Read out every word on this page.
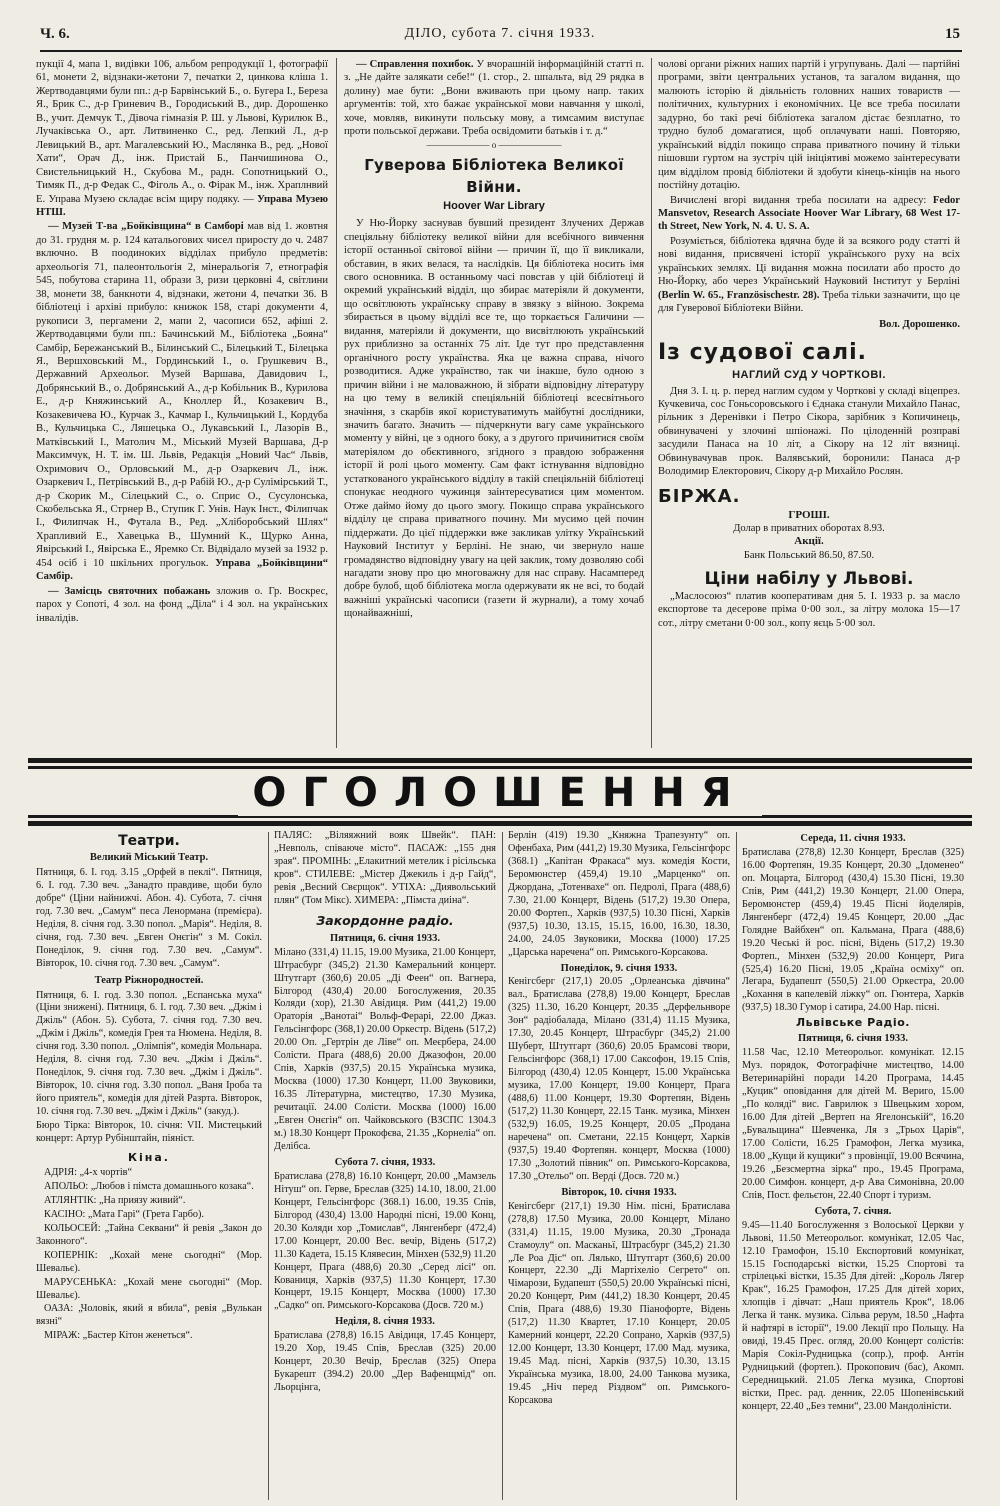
Ч. 6.	ДІЛО, субота 7. січня 1933.	15

пукції 4, мапа 1, видівки 106, альбом репродукції 1, фотографії 61, монети 2, відзнаки-жетони 7, печатки 2, цинкова кліша 1. Жертводавцями були пп.: д-р Барвінський Б., о. Бугера І., Береза Я., Брик С., д-р Гриневич В., Городиський В., дир. Дорошенко В., учит. Демчук Т., Дівоча гімназія Р. Ш. у Львові, Курилюк В., Лучаківська О., арт. Литвиненко С., ред. Лепкий Л., д-р Левицький В., арт. Магалевський Ю., Маслянка В., ред. „Нової Хати“, Орач Д., інж. Пристай Б., Панчишинова О., Свистельницький Н., Скубова М., радн. Сопотницький О., Тимяк П., д-р Федак С., Фіголь А., о. Фірак М., інж. Храплнвий Е. Управа Музею складає всім щиру подяку. — Управа Музею НТШ.

— Музей Т-ва „Бойківщина“ в Самборі мав від 1. жовтня до 31. грудня м. р. 124 катальогових чисел приросту до ч. 2487 включно. В поодиноких відділах прибуло предметів: археольогія 71, палеонтольогія 2, мінеральогія 7, етнографія 545, побутова старина 11, образи 3, ризи церковні 4, світлини 38, монети 38, банкноти 4, відзнаки, жетони 4, печатки 36. В бібліотеці і архіві прибуло: книжок 158, старі документи 4, рукописи 3, пергамени 2, мапи 2, часописи 652, афіші 2. Жертводавцями були пп.: Бачинський М., Бібліотека „Бояна“ Самбір, Бережанський В., Білинський С., Білецький Т., Білецька Я., Вершховський М., Гординський І., о. Грушкевич В., Державний Археольог. Музей Варшава, Давидович І., Добрянський В., о. Добрянський А., д-р Кобільник В., Курилова Е., д-р Княжинський А., Кноллер Й., Козакевич В., Козакевичева Ю., Курчак З., Качмар І., Кульчицький І., Кордуба В., Кульчицька С., Ляшецька О., Лукавський І., Лазорів В., Матківський І., Матолич М., Міський Музей Варшава, Д-р Максимчук, Н. Т. ім. Ш. Львів, Редакція „Новий Час“ Львів, Охримович О., Орловський М., д-р Озаркевич Л., інж. Озаркевич І., Петрівський В., д-р Рабій Ю., д-р Сулімірський Т., д-р Скорик М., Сілецький С., о. Сприс О., Сусулонська, Скобельська Я., Стрнер В., Ступик Г. Унів. Наук Інст., Філипчак І., Филипчак Н., Футала В., Ред. „Хліборобський Шлях“ Храпливий Е., Хавецька В., Шумний К., Щурко Анна, Явірський І., Явірська Е., Яремко Ст. Відвідало музей за 1932 р. 454 осіб і 10 шкільних прогульок. Управа „Бойківщини“ Самбір.

— Замісць святочних побажань зложив о. Гр. Воскрес, парох у Сопоті, 4 зол. на фонд „Діла“ і 4 зол. на українських інвалідів.

— Справлення похибок. У вчорашній інформаційній статті п. з. „Не дайте залякати себе!“ (1. стор., 2. шпальта, від 29 рядка в долину) мае бути: „Вони вживають при цьому напр. таких аргументів: той, хто бажає української мови навчання у школі, хоче, мовляв, викинути польську мову, а тимсамим виступає проти польської держави. Треба освідомити батьків і т. д.“

——————— o ———————
Гуверова Бібліотека Великої Війни.
Hoover War Library

У Ню-Йорку заснував бувший президент Злучених Держав спеціяльну бібліотеку великої війни для всебічного вивчення історії останньої світової війни — причин її, що її викликали, обставин, в яких велася, та наслідків. Ця бібліотека носить імя свого основника. В останньому часі повстав у цій бібліотеці й окремий український відділ, що збирає матеріяли й документи, що освітлюють українську справу в звязку з війною. Зокрема збирається в цьому відділі все те, що торкається Галичини — видання, матеріяли й документи, що висвітлюють український рух приблизно за останніх 75 літ. Іде тут про представлення органічного росту українства. Яка це важна справа, нічого розводитися. Адже українство, так чи інакше, було одною з причин війни і не маловажною, й зібрати відповідну літературу на цю тему в великій спеціяльній бібліотеці всесвітнього значіння, з скарбів якої користуватимуть майбутні дослідники, значить багато. Значить — підчеркнути вагу саме українського моменту у війні, це з одного боку, а з другого причинитися своїм матеріялом до обєктивного, згідного з правдою зображення історії й ролі цього моменту. Сам факт істнування відповідно устаткованого українського відділу в такій спеціяльній бібліотеці спонукає неодного чужинця заінтересуватися цим моментом. Отже даймо йому до цього змогу. Покищо справа українського відділу це справа приватного почину. Ми мусимо цей почин піддержати. До цієї піддержки вже закликав уліткy Український Науковий Інститут у Берліні. Не знаю, чи звернуло наше громадянство відповідну увагу на цей заклик, тому дозволяю собі нагадати знову про цю многоважну для нас справу. Насамперед добре булоб, щоб бібліотека могла одержувати як не всі, то бодай важніші українські часописи (газети й журнали), а тому хочаб щонайважніші,

чолові органи ріжних наших партій і угрупувань. Далі — партійні програми, звіти центральних установ, та загалом видання, що малюють історію й діяльність головних наших товариств — політичних, культурних і економічних. Це все треба посилати задурно, бо такі речі бібліотека загалом дістає безплатно, то трудно булоб домагатися, щоб оплачувати наші. Повторяю, український відділ покищо справа приватного почину й тільки пішовши гуртом на зустріч цій ініціятиві можемо заінтересувати цим відділом провід бібліотеки й здобути кінець-кінців на нього постійну дотацію.

Вичислені вгорі видання треба посилати на адресу: Fedor Mansvetov, Research Associate Hoover War Library, 68 West 17-th Street, New York, N. 4. U. S. A.

Розуміється, бібліотека вдячна буде й за всякого роду статті й нові видання, присвячені історії українського руху на всіх українських землях. Ці видання можна посилати або просто до Ню-Йорку, або через Український Науковий Інститут у Берліні (Berlin W. 65., Französischestr. 28). Треба тільки зазначити, що це для Гуверової Бібліотеки Війни.

Вол. Дорошенко.
Із судової салі.
НАГЛИЙ СУД У ЧОРТКОВІ.

Дня 3. І. ц. р. перед наглим судом у Чорткові у складі віцепрез. Кучкевича, сос Гоньсоровського і Єднака станули Михайло Панас, рільник з Деренівки і Петро Сікора, зарібник з Копичинець, обвинувачені у злочині шпіонажі. По цілоденній розправі засудили Панаса на 10 літ, а Сікору на 12 літ вязниці. Обвинувачував прок. Валявський, боронили: Панаса д-р Володимир Електорович, Сікору д-р Михайло Рослян.

БІРЖА.
ГРОШІ.
Долар в приватних оборотах 8.93.
Акції.
Банк Польський 86.50, 87.50.
Ціни набілу у Львові.

„Маслосоюз“ платив кооперативам дня 5. І. 1933 р. за масло експортове та десерове пріма 0·00 зол., за літру молока 15—17 сот., літру сметани 0·00 зол., копу яєць 5·00 зол.

ОГОЛОШЕННЯ
Театри.
Великий Міський Театр.

Пятниця, 6. І. год. 3.15 „Орфей в пеклі“. Пятниця, 6. І. год. 7.30 веч. „Занадто правдиве, щоби було добре“ (Ціни найнижчі. Абон. 4). Субота, 7. січня год. 7.30 веч. „Самум“ песа Ленормана (премієра). Неділя, 8. січня год. 3.30 попол. „Марія“. Неділя, 8. січня, год. 7.30 веч. „Евген Онєгін“ з М. Сокіл. Понеділок, 9. січня год. 7.30 веч. „Самум“. Вівторок, 10. січня год. 7.30 веч. „Самум“.

Театр Ріжнородностей.

Пятниця, 6. І. год. 3.30 попол. „Еспанська муха“ (Ціни знижені). Пятниця, 6. І. год. 7.30 веч. „Джім і Джіль“ (Абон. 5). Субота, 7. січня год. 7.30 веч. „Джім і Джіль“, комедія Грея та Нюмена. Неділя, 8. січня год. 3.30 попол. „Олімпія“, комедія Мольнара. Неділя, 8. січня год. 7.30 веч. „Джім і Джіль“. Понеділок, 9. січня год. 7.30 веч. „Джім і Джіль“. Вівторок, 10. січня год. 3.30 попол. „Ваня Іроба та його приятель“, комедія для дітей Разрта. Вівторок, 10. січня год. 7.30 веч. „Джім і Джіль“ (закуд.).

Бюро Тірка: Вівторок, 10. січня: VII. Мистецький концерт: Артур Рубінштайн, піяніст.

Кіна.

АДРІЯ: „4-х чортів“

АПОЛЬО: „Любов і пімста домашнього козака“.

АТЛЯНТІК: „На приязу живий“.

КАСІНО: „Мата Гарі“ (Грета Гарбо).

КОЛЬОСЕЙ: „Тайна Секвани“ й ревія „Закон до Законного“.

КОПЕРНІК: „Кохай мене сьогодні“ (Мор. Шевальє).

МАРУСЕНЬКА: „Кохай мене сьогодні“ (Мор. Шевальє).

ОАЗА: „Чоловік, який я вбила“, ревія „Вулькан вязні“

МІРАЖ: „Бастер Кітон женеться“.

ПАЛЯС: „Віляяжний вояк Швейк“. ПАН: „Невполь, співаюче місто“. ПАСАЖ: „155 дня зрая“. ПРОМІНЬ: „Елакитний метелик і рісільська кров“. СТИЛЕВЕ: „Містер Джекиль і д-р Гайд“, ревія „Весний Свєрщок“. УТІХА: „Диявольський плян“ (Том Мікс). ХИМЕРА: „Пімста диіна“.

Закордонне радіо.
Пятниця, 6. січня 1933.

Мілано (331,4) 11.15, 19.00 Музика, 21.00 Концерт, Штрасбург (345,2) 21.30 Камеральний концерт. Штутгарт (360,6) 20.05 „Ді Феен“ оп. Вагнера, Бiлгород (430,4) 20.00 Богослужения, 20.35 Коляди (хор), 21.30 Авідиця. Рим (441,2) 19.00 Ораторія „Ванотаі“ Вольф-Ферарі, 22.00 Джаз. Гельсінгфорс (368,1) 20.00 Оркестр. Відень (517,2) 20.00 Оп. „Гертрін де Ліве“ оп. Меєрбера, 24.00 Солісти. Прага (488,6) 20.00 Джазофон, 20.00 Спів, Харків (937,5) 20.15 Українська музика, Москва (1000) 17.30 Концерт, 11.00 Звуковики, 16.35 Літературна, мистецтво, 17.30 Музика, речитації. 24.00 Солісти. Москва (1000) 16.00 „Евген Онєгін“ оп. Чайковського (ВЗСПС 1304.3 м.) 18.30 Концерт Прокофєва, 21.35 „Корнеліа“ оп. Делібса.

Субота 7. січня, 1933.

Братислава (278,8) 16.10 Концерт, 20.00 „Мамзель Нітуш“ оп. Герве, Бреслав (325) 14.10, 18.00, 21.00 Концерт, Гельсінгфорс (368.1) 16.00, 19.35 Спів, Білгород (430,4) 13.00 Народні пісні, 19.00 Конц, 20.30 Коляди хор „Томислав“, Лянгенберг (472,4) 17.00 Концерт, 20.00 Вес. вечір, Відень (517,2) 11.30 Кадета, 15.15 Клявесин, Мінхен (532,9) 11.20 Концерт, Прага (488,6) 20.30 „Серед лісі“ оп. Кованиця, Харків (937,5) 11.30 Концерт, 17.30 Концерт, 19.15 Концерт, Москва (1000) 17.30 „Садко“ оп. Римського-Корсакова (Досв. 720 м.)

Неділя, 8. січня 1933.

Братислава (278,8) 16.15 Авідиця, 17.45 Концерт, 19.20 Хор, 19.45 Спів, Бреслав (325) 20.00 Концерт, 20.30 Вечір, Бреслав (325) Опера Букарешт (394.2) 20.00 „Дер Вафенщмід“ оп. Льорцінга,

Берлін (419) 19.30 „Княжна Трапезунту“ оп. Офенбаха, Рим (441,2) 19.30 Музика, Гельсінгфорс (368.1) „Капітан Фракаса“ муз. комедія Кости, Беромюнстер (459,4) 19.10 „Марценко“ оп. Джордана, „Тотенвахе“ оп. Педролі, Прага (488,6) 7.30, 21.00 Концерт, Відень (517,2) 19.30 Опера, 20.00 Фортеп., Харків (937,5) 10.30 Пісні, Харків (937,5) 10.30, 13.15, 15.15, 16.00, 16.30, 18.30, 24.00, 24.05 Звуковики, Москва (1000) 17.25 „Царська наречена“ оп. Римського-Корсакова.

Понеділок, 9. січня 1933.

Кенігсберг (217,1) 20.05 „Орлеанська дівчина“ вал., Братислава (278,8) 19.00 Концерт, Бреслав (325) 11.30, 16.20 Концерт, 20.35 „Дерфельнворе Зон“ радіобалада, Мілано (331,4) 11.15 Музика, 17.30, 20.45 Концерт, Штрасбург (345,2) 21.00 Шуберт, Штутгарт (360,6) 20.05 Брамсові твори, Гельсінгфорс (368,1) 17.00 Саксофон, 19.15 Спів, Білгород (430,4) 12.05 Концерт, 15.00 Українська музика, 17.00 Концерт, 19.00 Концерт, Прага (488,6) 11.00 Концерт, 19.30 Фортепян, Відень (517,2) 11.30 Концерт, 22.15 Танк. музика, Мінхен (532,9) 16.05, 19.25 Концерт, 20.05 „Продана наречена“ оп. Сметани, 22.15 Концерт, Харків (937,5) 19.40 Фортепян. концерт, Москва (1000) 17.30 „Золотий півник“ оп. Римського-Корсакова, 17.30 „Отельо“ оп. Верді (Досв. 720 м.)

Вівторок, 10. січня 1933.

Кенігсберг (217,1) 19.30 Нім. пісні, Братислава (278,8) 17.50 Музика, 20.00 Концерт, Мілано (331,4) 11.15, 19.00 Музика, 20.30 „Тронада Стамоулу“ оп. Масканьї, Штрасбург (345,2) 21.30 „Ле Роа Діс“ оп. Лялько, Штутгарт (360,6) 20.00 Концерт, 22.30 „Ді Мартіхеліо Сегрето“ оп. Чімарози, Будапешт (550,5) 20.00 Українські пісні, 20.20 Концерт, Рим (441,2) 18.30 Концерт, 20.45 Спів, Прага (488,6) 19.30 Піанофорте, Відень (517,2) 11.30 Квартет, 17.10 Концерт, 20.05 Камерний концерт, 22.20 Сопрано, Харків (937,5) 12.00 Концерт, 13.30 Концерт, 17.00 Мад. музика, 19.45 Мад. пісні, Харків (937,5) 10.30, 13.15 Українська музика, 18.00, 24.00 Танкова музика, 19.45 „Ніч перед Різдвом“ оп. Римського-Корсакова

Середа, 11. січня 1933.

Братислава (278,8) 12.30 Концерт, Бреслав (325) 16.00 Фортепян, 19.35 Концерт, 20.30 „Ідоменео“ оп. Моцарта, Білгород (430,4) 15.30 Пісні, 19.30 Спів, Рим (441,2) 19.30 Концерт, 21.00 Опера, Беромюнстер (459,4) 19.45 Пісні йоделярів, Лянгенберг (472,4) 19.45 Концерт, 20.00 „Дас Голядне Вайбхен“ оп. Кальмана, Прага (488,6) 19.20 Чеські й рос. пісні, Відень (517,2) 19.30 Фортеп., Мінхен (532,9) 20.00 Концерт, Рига (525,4) 16.20 Пісні, 19.05 „Країна осміху“ оп. Легара, Будапешт (550,5) 21.00 Оркестра, 20.00 „Кохання в капелевій ліжку“ оп. Гюнтера, Харків (937,5) 18.30 Гумор і сатира, 24.00 Нар. пісні.

Львівське Радіо.
Пятниця, 6. січня 1933.

11.58 Час, 12.10 Метеорольог. комунікат. 12.15 Муз. порядок, Фотографічне мистецтво, 14.00 Ветеринарійні поради 14.20 Програма, 14.45 „Куцик“ оповідання для дітей М. Вериго, 15.00 „По коляді“ вис. Гаврилюк з Швецьким хором, 16.00 Для дітей „Вертеп на Ягелонській“, 16.20 „Бувальщина“ Шевченка, Ля з „Трьох Царів“, 17.00 Солісти, 16.25 Грамофон, Легка музика, 18.00 „Кущи й кущики“ з провінції, 19.00 Всячина, 19.26 „Безсмертна зірка“ про., 19.45 Програма, 20.00 Симфон. концерт, д-р Ава Симонівна, 20.00 Спів, Пост. фельєтон, 22.40 Спорт і туризм.

Субота, 7. січня.

9.45—11.40 Богослуження з Волоської Церкви у Львові, 11.50 Метеорольог. комунікат, 12.05 Час, 12.10 Грамофон, 15.10 Експортовий комунікат, 15.15 Господарські вістки, 15.25 Спортові та стрілецькі вістки, 15.35 Для дітей: „Король Лягер Крак“, 16.25 Грамофон, 17.25 Для дітей хорих, хлопців і дівчат: „Наш приятель Крок“, 18.06 Легка й танк. музика. Сільва рерум, 18.50 „Нафта й нафтярі в історії“, 19.00 Лекції про Польщу. На овиді, 19.45 Прес. огляд, 20.00 Концерт солістів: Марія Сокіл-Рудницька (сопр.), проф. Антін Рудницький (фортеп.). Прокопович (бас), Акомп. Середницький. 21.05 Легка музика, Спортові вістки, Прес. рад. денник, 22.05 Шопенівський концерт, 22.40 „Без темни“, 23.00 Мандоліністи.
